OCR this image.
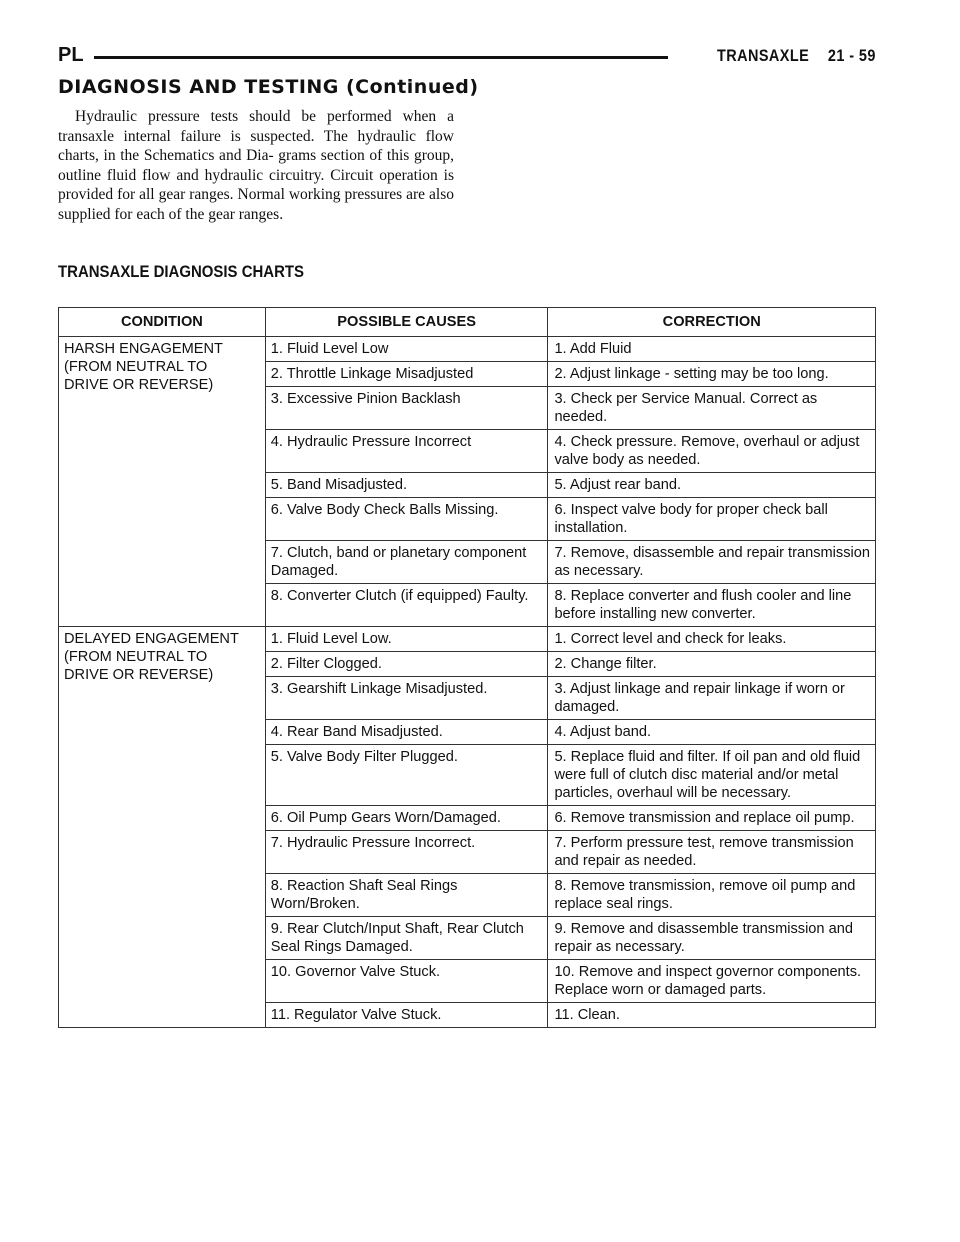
PL	TRANSAXLE 21 - 59
DIAGNOSIS AND TESTING (Continued)

Hydraulic pressure tests should be performed when a transaxle internal failure is suspected. The hydraulic flow charts, in the Schematics and Dia- grams section of this group, outline fluid flow and hydraulic circuitry. Circuit operation is provided for all gear ranges. Normal working pressures are also supplied for each of the gear ranges.

TRANSAXLE DIAGNOSIS CHARTS
CONDITION	POSSIBLE CAUSES	CORRECTION
HARSH ENGAGEMENT
(FROM NEUTRAL TO
DRIVE OR REVERSE)	1. Fluid Level Low	1. Add Fluid
	2. Throttle Linkage Misadjusted	2. Adjust linkage - setting may be too long.
	3. Excessive Pinion Backlash	3. Check per Service Manual. Correct as needed.
	4. Hydraulic Pressure Incorrect	4. Check pressure. Remove, overhaul or adjust valve body as needed.
	5. Band Misadjusted.	5. Adjust rear band.
	6. Valve Body Check Balls Missing.	6. Inspect valve body for proper check ball installation.
	7. Clutch, band or planetary component Damaged.	7. Remove, disassemble and repair transmission as necessary.
	8. Converter Clutch (if equipped) Faulty.	8. Replace converter and flush cooler and line before installing new converter.
DELAYED ENGAGEMENT
(FROM NEUTRAL TO
DRIVE OR REVERSE)	1. Fluid Level Low.	1. Correct level and check for leaks.
	2. Filter Clogged.	2. Change filter.
	3. Gearshift Linkage Misadjusted.	3. Adjust linkage and repair linkage if worn or damaged.
	4. Rear Band Misadjusted.	4. Adjust band.
	5. Valve Body Filter Plugged.	5. Replace fluid and filter. If oil pan and old fluid were full of clutch disc material and/or metal particles, overhaul will be necessary.
	6. Oil Pump Gears Worn/Damaged.	6. Remove transmission and replace oil pump.
	7. Hydraulic Pressure Incorrect.	7. Perform pressure test, remove transmission and repair as needed.
	8. Reaction Shaft Seal Rings Worn/Broken.	8. Remove transmission, remove oil pump and replace seal rings.
	9. Rear Clutch/Input Shaft, Rear Clutch Seal Rings Damaged.	9. Remove and disassemble transmission and repair as necessary.
	10. Governor Valve Stuck.	10. Remove and inspect governor components. Replace worn or damaged parts.
	11. Regulator Valve Stuck.	11. Clean.
